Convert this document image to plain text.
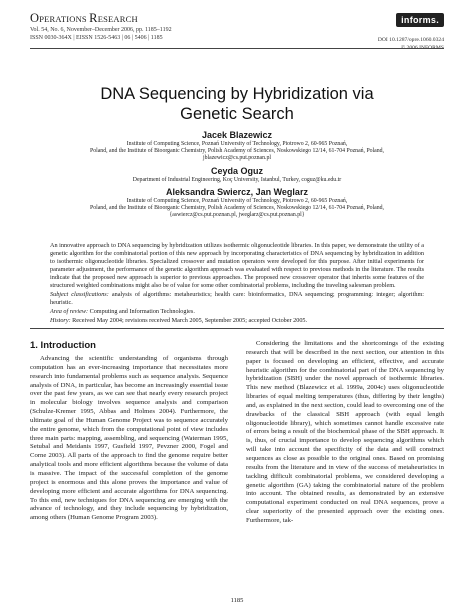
OPERATIONS RESEARCH
Vol. 54, No. 6, November–December 2006, pp. 1185–1192
ISSN 0030-364X | EISSN 1526-5463 | 06 | 5406 | 1185
informs.
DOI 10.1287/opre.1060.0324
© 2006 INFORMS
DNA Sequencing by Hybridization via
Genetic Search
Jacek Blazewicz
Institute of Computing Science, Poznań University of Technology, Piotrowo 2, 60-965 Poznań,
Poland, and the Institute of Bioorganic Chemistry, Polish Academy of Sciences, Noskowskiego 12/14, 61-704 Poznań, Poland,
jblazewicz@cs.put.poznan.pl
Ceyda Oguz
Department of Industrial Engineering, Koç University, Istanbul, Turkey, coguz@ku.edu.tr
Aleksandra Swiercz, Jan Weglarz
Institute of Computing Science, Poznań University of Technology, Piotrowo 2, 60-965 Poznań,
Poland, and the Institute of Bioorganic Chemistry, Polish Academy of Sciences, Noskowskiego 12/14, 61-704 Poznań, Poland,
{aswiercz@cs.put.poznan.pl, jweglarz@cs.put.poznan.pl}

An innovative approach to DNA sequencing by hybridization utilizes isothermic oligonucleotide libraries. In this paper, we demonstrate the utility of a genetic algorithm for the combinatorial portion of this new approach by incorporating characteristics of DNA sequencing by hybridization in addition to isothermic oligonucleotide libraries. Specialized crossover and mutation operators were developed for this purpose. After initial experiments for parameter adjustment, the performance of the genetic algorithm approach was evaluated with respect to previous methods in the literature. The results indicate that the proposed new approach is superior to previous approaches. The proposed new crossover operator that inherits some features of the structured weighted combinations might also be of value for some other combinatorial problems, including the traveling salesman problem.

Subject classifications: analysis of algorithms: metaheuristics; health care: bioinformatics, DNA sequencing; programming: integer; algorithm: heuristic.

Area of review: Computing and Information Technologies.

History: Received May 2004; revisions received March 2005, September 2005; accepted October 2005.

1. Introduction

Advancing the scientific understanding of organisms through computation has an ever-increasing importance that necessitates more research into fundamental problems such as sequence analysis. Sequence analysis of DNA, in particular, has become an increasingly essential issue over the past few years, as we can see that nearly every research project in molecular biology involves sequence analysis and comparison (Schulze-Kremer 1995, Abbas and Holmes 2004). Furthermore, the ultimate goal of the Human Genome Project was to sequence accurately the entire genome, which from the computational point of view includes three main parts: mapping, assembling, and sequencing (Waterman 1995, Setubal and Meidanis 1997, Gusfield 1997, Pevzner 2000, Fogel and Corne 2003). All parts of the approach to find the genome require better analytical tools and more efficient algorithms because the volume of data is massive. The impact of the successful completion of the genome project is enormous and this alone proves the importance and value of developing more efficient and accurate algorithms for DNA sequencing. To this end, new techniques for DNA sequencing are emerging with the advance of technology, and they include sequencing by hybridization, among others (Human Genome Program 2003).

Considering the limitations and the shortcomings of the existing research that will be described in the next section, our attention in this paper is focused on developing an efficient, effective, and accurate heuristic algorithm for the combinatorial part of the DNA sequencing by hybridization (SBH) under the novel approach of isothermic libraries. This new method (Blazewicz et al. 1999a, 2004c) uses oligonucleotide libraries of equal melting temperatures (thus, differing by their lengths) and, as explained in the next section, could lead to overcoming one of the drawbacks of the classical SBH approach (with equal length oligonucleotide library), which sometimes cannot handle excessive rate of errors being a result of the biochemical phase of the SBH approach. It is, thus, of crucial importance to develop sequencing algorithms which will take into account the specificity of the data and will construct sequences as close as possible to the original ones. Based on promising results from the literature and in view of the success of metaheuristics in tackling difficult combinatorial problems, we considered developing a genetic algorithm (GA) taking the combinatorial nature of the problem into account. The obtained results, as demonstrated by an extensive computational experiment conducted on real DNA sequences, prove a clear superiority of the presented approach over the existing ones. Furthermore, tak-

1185
